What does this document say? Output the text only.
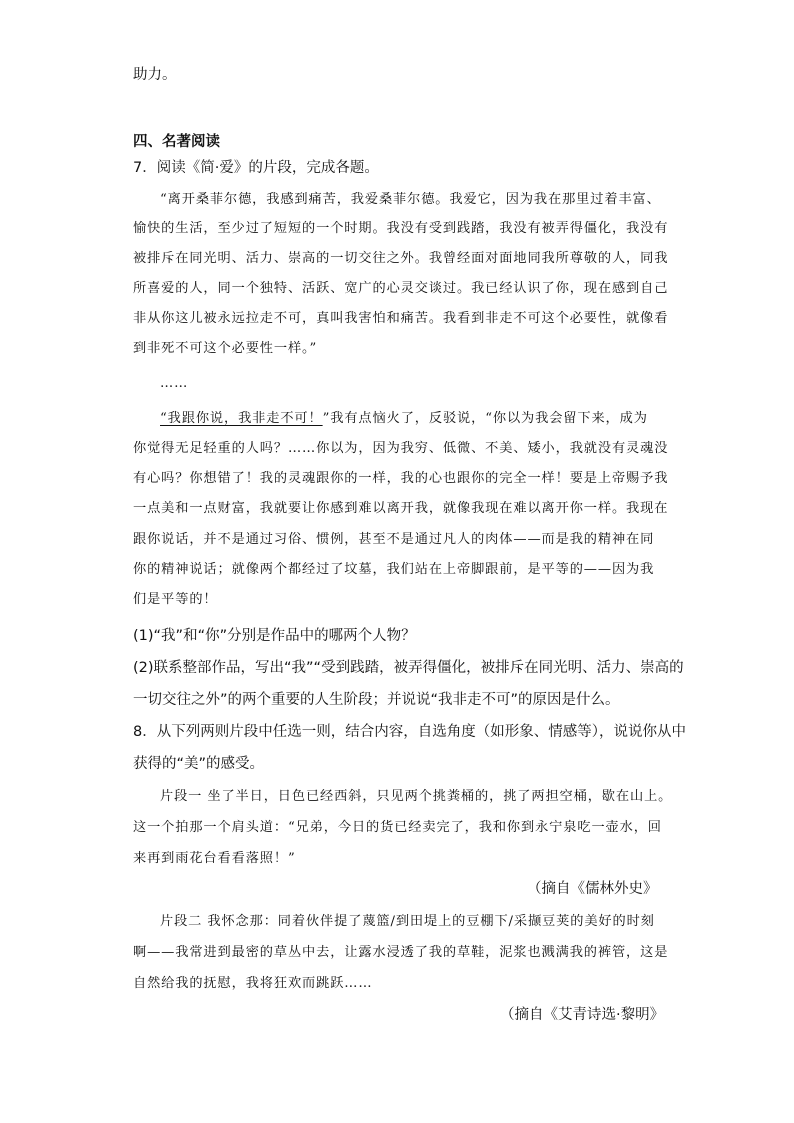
助力。
四、名著阅读
7．阅读《简·爱》的片段，完成各题。
“离开桑菲尔德，我感到痛苦，我爱桑菲尔德。我爱它，因为我在那里过着丰富、
愉快的生活，至少过了短短的一个时期。我没有受到践踏，我没有被弄得僵化，我没有
被排斥在同光明、活力、崇高的一切交往之外。我曾经面对面地同我所尊敬的人，同我
所喜爱的人，同一个独特、活跃、宽广的心灵交谈过。我已经认识了你，现在感到自己
非从你这儿被永远拉走不可，真叫我害怕和痛苦。我看到非走不可这个必要性，就像看
到非死不可这个必要性一样。”
……
“我跟你说，我非走不可！”我有点恼火了，反驳说，“你以为我会留下来，成为
你觉得无足轻重的人吗？……你以为，因为我穷、低微、不美、矮小，我就没有灵魂没
有心吗？你想错了！我的灵魂跟你的一样，我的心也跟你的完全一样！要是上帝赐予我
一点美和一点财富，我就要让你感到难以离开我，就像我现在难以离开你一样。我现在
跟你说话，并不是通过习俗、惯例，甚至不是通过凡人的肉体——而是我的精神在同
你的精神说话；就像两个都经过了坟墓，我们站在上帝脚跟前，是平等的——因为我
们是平等的！
(1)“我”和“你”分别是作品中的哪两个人物？
(2)联系整部作品，写出“我”“受到践踏，被弄得僵化，被排斥在同光明、活力、崇高的
一切交往之外”的两个重要的人生阶段；并说说“我非走不可”的原因是什么。
8．从下列两则片段中任选一则，结合内容，自选角度（如形象、情感等），说说你从中
获得的“美”的感受。
片段一 坐了半日，日色已经西斜，只见两个挑粪桶的，挑了两担空桶，歇在山上。
这一个拍那一个肩头道：“兄弟，今日的货已经卖完了，我和你到永宁泉吃一壶水，回
来再到雨花台看看落照！”
（摘自《儒林外史》
片段二 我怀念那：同着伙伴提了蔑篮/到田堤上的豆棚下/采撷豆荚的美好的时刻
啊——我常进到最密的草丛中去，让露水浸透了我的草鞋，泥浆也溅满我的裤管，这是
自然给我的抚慰，我将狂欢而跳跃……
（摘自《艾青诗选·黎明》
